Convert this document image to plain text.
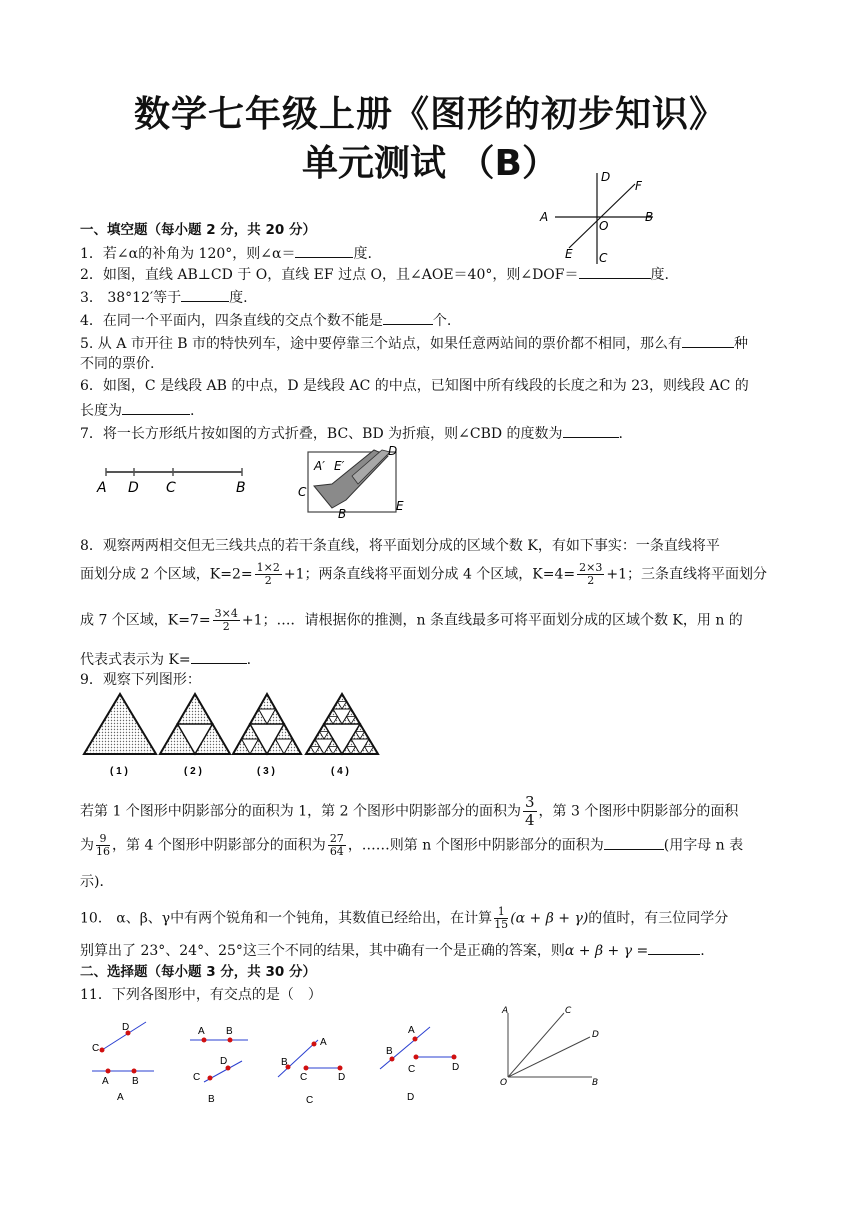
数学七年级上册《图形的初步知识》
单元测试 （B）	D
F
A	B
O
E C
一、填空题（每小题 2 分，共 20 分）
1．若∠α的补角为 120°，则∠α＝	度.
2．如图，直线 AB⊥CD 于 O，直线 EF 过点 O，且∠AOE＝40°，则∠DOF＝	度.
3． 38°12′等于	度.
4．在同一个平面内，四条直线的交点个数不能是	个.
5. 从 A 市开往 B 市的特快列车，途中要停靠三个站点，如果任意两站间的票价都不相同，那么有	种
不同的票价.
6．如图，C 是线段 AB 的中点，D 是线段 AC 的中点，已知图中所有线段的长度之和为 23，则线段 AC 的
长度为	.
7．将一长方形纸片按如图的方式折叠，BC、BD 为折痕，则∠CBD 的度数为	.
A D C	B
D
A′ E′
C
B
E
8．观察两两相交但无三线共点的若干条直线，将平面划分成的区域个数 K，有如下事实：一条直线将平
面划分成 2 个区域，$K=2= \frac{1\times 2}{2} +1$；两条直线将平面划分成 4 个区域，$K=4= \frac{2\times 3}{2} +1$；三条直线将平面划分
成 7 个区域，$K=7= \frac{3\times 4}{2} +1$；…．请根据你的推测，n 条直线最多可将平面划分成的区域个数 K，用 n 的
代表式表示为 K=	.
9．观察下列图形：
( 1 )	( 2 )	( 3 )	( 4 )
若第 1 个图形中阴影部分的面积为 1，第 2 个图形中阴影部分的面积为 $\frac{3}{4}$ ，第 3 个图形中阴影部分的面积
为 $\frac{9}{16}$ ，第 4 个图形中阴影部分的面积为 $\frac{27}{64}$ ，……则第 n 个图形中阴影部分的面积为	(用字母 n 表
示)．
10． α、β、γ中有两个锐角和一个钝角，其数值已经给出，在计算 $\frac{1}{15} (\alpha + \beta + \gamma)$的值时，有三位同学分
别算出了 23°、24°、25°这三个不同的结果，其中确有一个是正确的答案，则α + β + γ =	.
二、选择题（每小题 3 分，共 30 分）
11．下列各图形中，有交点的是（　）
D
C
A B
A
A B
D
C
B
A
B
C	D
C
A
B
C	D
D
A	C
D
O	B
